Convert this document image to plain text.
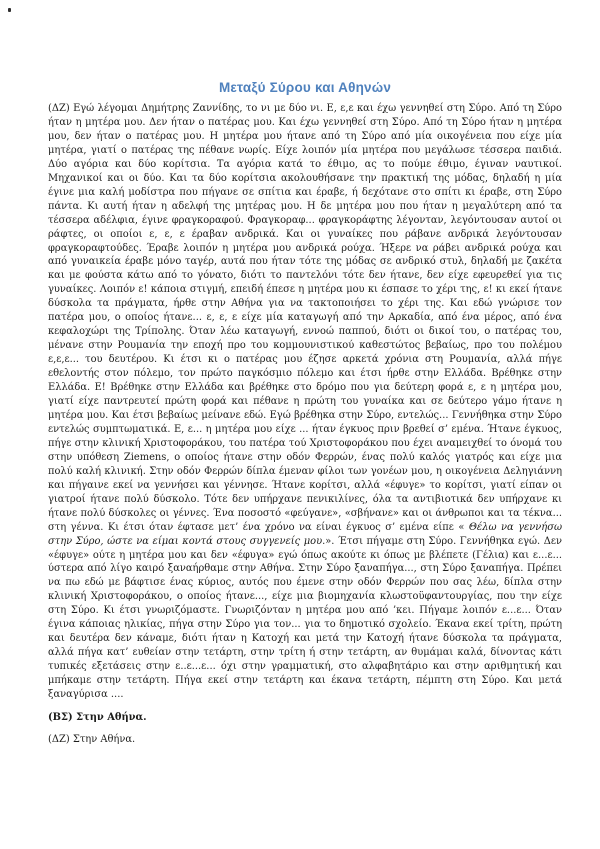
Μεταξύ Σύρου και Αθηνών

(ΔΖ) Εγώ λέγομαι Δημήτρης Ζαννίδης, το νι με δύο νι. Ε, ε,ε και έχω γεννηθεί στη Σύρο. Από τη Σύρο ήταν η μητέρα μου. Δεν ήταν ο πατέρας μου. Και έχω γεννηθεί στη Σύρο. Από τη Σύρο ήταν η μητέρα μου, δεν ήταν ο πατέρας μου. Η μητέρα μου ήτανε από τη Σύρο από μία οικογένεια που είχε μία μητέρα, γιατί ο πατέρας της πέθανε νωρίς. Είχε λοιπόν μία μητέρα που μεγάλωσε τέσσερα παιδιά. Δύο αγόρια και δύο κορίτσια. Τα αγόρια κατά το έθιμο, ας το πούμε έθιμο, έγιναν ναυτικοί. Μηχανικοί και οι δύο. Και τα δύο κορίτσια ακολουθήσανε την πρακτική της μόδας, δηλαδή η μία έγινε μια καλή μοδίστρα που πήγανε σε σπίτια και έραβε, ή δεχότανε στο σπίτι κι έραβε, στη Σύρο πάντα. Κι αυτή ήταν η αδελφή της μητέρας μου. Η δε μητέρα μου που ήταν η μεγαλύτερη από τα τέσσερα αδέλφια, έγινε φραγκοραφού. Φραγκοραφ... φραγκοράφτης λέγονταν, λεγόντουσαν αυτοί οι ράφτες, οι οποίοι ε, ε, ε έραβαν ανδρικά. Και οι γυναίκες που ράβανε ανδρικά λεγόντουσαν φραγκοραφτούδες. Έραβε λοιπόν η μητέρα μου ανδρικά ρούχα. Ήξερε να ράβει ανδρικά ρούχα και από γυναικεία έραβε μόνο ταγέρ, αυτά που ήταν τότε της μόδας σε ανδρικό στυλ, δηλαδή με ζακέτα και με φούστα κάτω από το γόνατο, διότι το παντελόνι τότε δεν ήτανε, δεν είχε εφευρεθεί για τις γυναίκες. Λοιπόν ε! κάποια στιγμή, επειδή έπεσε η μητέρα μου κι έσπασε το χέρι της, ε! κι εκεί ήτανε δύσκολα τα πράγματα, ήρθε στην Αθήνα για να τακτοποιήσει το χέρι της. Και εδώ γνώρισε τον πατέρα μου, ο οποίος ήτανε... ε, ε, ε είχε μία καταγωγή από την Αρκαδία, από ένα μέρος, από ένα κεφαλοχώρι της Τρίπολης. Όταν λέω καταγωγή, εννοώ παππού, διότι οι δικοί του, ο πατέρας του, μένανε στην Ρουμανία την εποχή προ του κομμουνιστικού καθεστώτος βεβαίως, προ του πολέμου ε,ε,ε... του δευτέρου. Κι έτσι κι ο πατέρας μου έζησε αρκετά χρόνια στη Ρουμανία, αλλά πήγε εθελοντής στον πόλεμο, τον πρώτο παγκόσμιο πόλεμο και έτσι ήρθε στην Ελλάδα. Βρέθηκε στην Ελλάδα. Ε! Βρέθηκε στην Ελλάδα και βρέθηκε στο δρόμο που για δεύτερη φορά ε, ε η μητέρα μου, γιατί είχε παντρευτεί πρώτη φορά και πέθανε η πρώτη του γυναίκα και σε δεύτερο γάμο ήτανε η μητέρα μου. Και έτσι βεβαίως μείνανε εδώ. Εγώ βρέθηκα στην Σύρο, εντελώς... Γεννήθηκα στην Σύρο εντελώς συμπτωματικά. Ε, ε... η μητέρα μου είχε ... ήταν έγκυος πριν βρεθεί σ’ εμένα. Ήτανε έγκυος, πήγε στην κλινική Χριστοφοράκου, του πατέρα τού Χριστοφοράκου που έχει αναμειχθεί το όνομά του στην υπόθεση Ziemens, ο οποίος ήτανε στην οδόν Φερρών, ένας πολύ καλός γιατρός και είχε μια πολύ καλή κλινική. Στην οδόν Φερρών δίπλα έμεναν φίλοι των γονέων μου, η οικογένεια Δεληγιάννη και πήγαινε εκεί να γεννήσει και γέννησε. Ήτανε κορίτσι, αλλά «έφυγε» το κορίτσι, γιατί είπαν οι γιατροί ήτανε πολύ δύσκολο. Τότε δεν υπήρχανε πενικιλίνες, όλα τα αντιβιοτικά δεν υπήρχανε κι ήτανε πολύ δύσκολες οι γέννες. Ένα ποσοστό «φεύγανε», «σβήνανε» και οι άνθρωποι και τα τέκνα... στη γέννα. Κι έτσι όταν έφτασε μετ’ ένα χρόνο να είναι έγκυος σ’ εμένα είπε « Θέλω να γεννήσω στην Σύρο, ώστε να είμαι κοντά στους συγγενείς μου.». Έτσι πήγαμε στη Σύρο. Γεννήθηκα εγώ. Δεν «έφυγε» ούτε η μητέρα μου και δεν «έφυγα» εγώ όπως ακούτε κι όπως με βλέπετε (Γέλια) και ε...ε... ύστερα από λίγο καιρό ξαναήρθαμε στην Αθήνα. Στην Σύρο ξαναπήγα..., στη Σύρο ξαναπήγα. Πρέπει να πω εδώ με βάφτισε ένας κύριος, αυτός που έμενε στην οδόν Φερρών που σας λέω, δίπλα στην κλινική Χριστοφοράκου, ο οποίος ήτανε..., είχε μια βιομηχανία κλωστοϋφαντουργίας, που την είχε στη Σύρο. Κι έτσι γνωριζόμαστε. Γνωριζόνταν η μητέρα μου από ’κει. Πήγαμε λοιπόν ε...ε... Όταν έγινα κάποιας ηλικίας, πήγα στην Σύρο για τον... για το δημοτικό σχολείο. Έκανα εκεί τρίτη, πρώτη και δευτέρα δεν κάναμε, διότι ήταν η Κατοχή και μετά την Κατοχή ήτανε δύσκολα τα πράγματα, αλλά πήγα κατ’ ευθείαν στην τετάρτη, στην τρίτη ή στην τετάρτη, αν θυμάμαι καλά, δίνοντας κάτι τυπικές εξετάσεις στην ε..ε...ε... όχι στην γραμματική, στο αλφαβητάριο και στην αριθμητική και μπήκαμε στην τετάρτη. Πήγα εκεί στην τετάρτη και έκανα τετάρτη, πέμπτη στη Σύρο. Και μετά ξαναγύρισα ....

(ΒΣ) Στην Αθήνα.

(ΔΖ) Στην Αθήνα.
